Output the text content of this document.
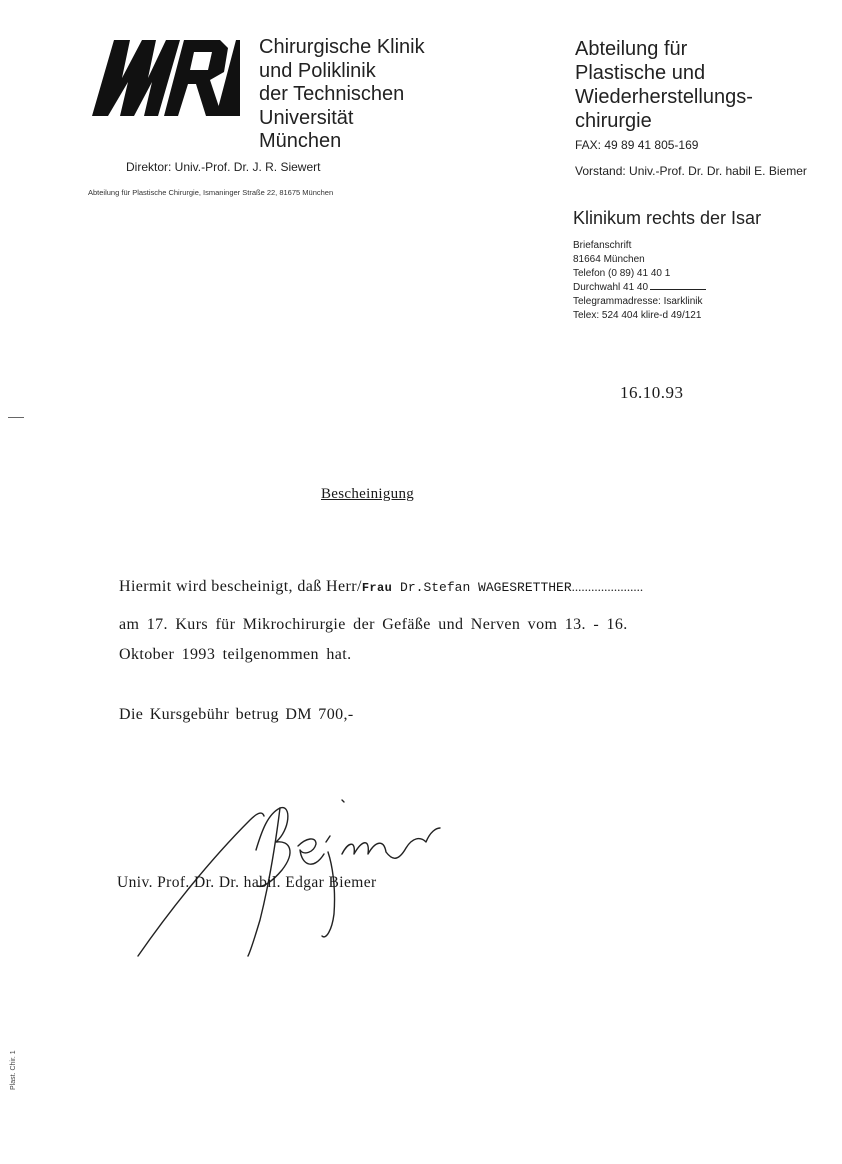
Chirurgische Klinik
und Poliklinik
der Technischen
Universität
München
Direktor: Univ.-Prof. Dr. J. R. Siewert
Abteilung für Plastische Chirurgie, Ismaninger Straße 22, 81675 München
Abteilung für
Plastische und
Wiederherstellungs-
chirurgie
FAX: 49 89 41 805-169
Vorstand: Univ.-Prof. Dr. Dr. habil E. Biemer
Klinikum rechts der Isar
Briefanschrift
81664 München
Telefon (0 89) 41 40 1
Durchwahl 41 40
Telegrammadresse: Isarklinik
Telex: 524 404 klire-d 49/121
16.10.93
Bescheinigung
Hiermit wird bescheinigt, daß Herr/Frau Dr.Stefan WAGESRETTHER......................
am 17. Kurs für Mikrochirurgie der Gefäße und Nerven vom 13. - 16.
Oktober 1993 teilgenommen hat.
Die Kursgebühr betrug DM 700,-
Univ. Prof. Dr. Dr. habil. Edgar Biemer
Plast. Chir. 1
